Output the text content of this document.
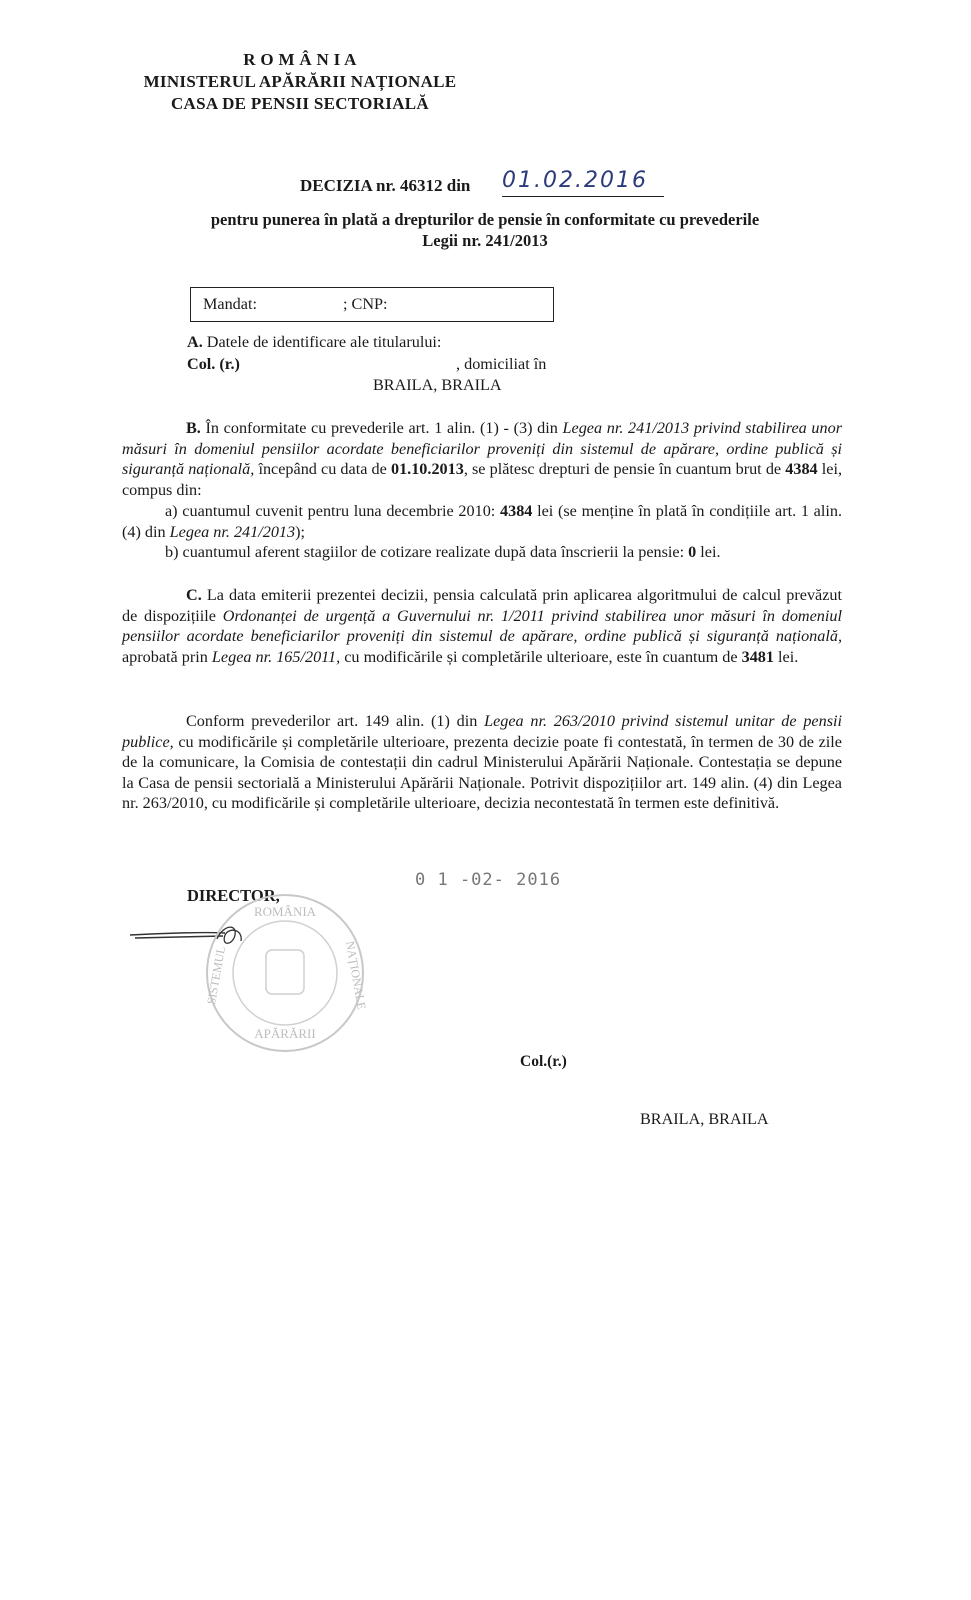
R O M Â N I A
MINISTERUL APĂRĂRII NAȚIONALE
CASA DE PENSII SECTORIALĂ
DECIZIA nr. 46312 din 01.02.2016
pentru punerea în plată a drepturilor de pensie în conformitate cu prevederile
Legii nr. 241/2013
Mandat:	; CNP:
A. Datele de identificare ale titularului:
Col. (r.)	, domiciliat în
BRAILA, BRAILA
B. În conformitate cu prevederile art. 1 alin. (1) - (3) din Legea nr. 241/2013 privind stabilirea unor măsuri în domeniul pensiilor acordate beneficiarilor proveniți din sistemul de apărare, ordine publică și siguranță națională, începând cu data de 01.10.2013, se plătesc drepturi de pensie în cuantum brut de 4384 lei, compus din:
a) cuantumul cuvenit pentru luna decembrie 2010: 4384 lei (se menține în plată în condițiile art. 1 alin. (4) din Legea nr. 241/2013);
b) cuantumul aferent stagiilor de cotizare realizate după data înscrierii la pensie: 0 lei.
C. La data emiterii prezentei decizii, pensia calculată prin aplicarea algoritmului de calcul prevăzut de dispozițiile Ordonanței de urgență a Guvernului nr. 1/2011 privind stabilirea unor măsuri în domeniul pensiilor acordate beneficiarilor proveniți din sistemul de apărare, ordine publică și siguranță națională, aprobată prin Legea nr. 165/2011, cu modificările și completările ulterioare, este în cuantum de 3481 lei.
Conform prevederilor art. 149 alin. (1) din Legea nr. 263/2010 privind sistemul unitar de pensii publice, cu modificările și completările ulterioare, prezenta decizie poate fi contestată, în termen de 30 de zile de la comunicare, la Comisia de contestații din cadrul Ministerului Apărării Naționale. Contestația se depune la Casa de pensii sectorială a Ministerului Apărării Naționale. Potrivit dispozițiilor art. 149 alin. (4) din Legea nr. 263/2010, cu modificările și completările ulterioare, decizia necontestată în termen este definitivă.
DIRECTOR,
0 1 -02- 2016
ROMÂNIA
APĂRĂRII
SISTEMUL	NAȚIONALE
Col.(r.)
BRAILA, BRAILA
